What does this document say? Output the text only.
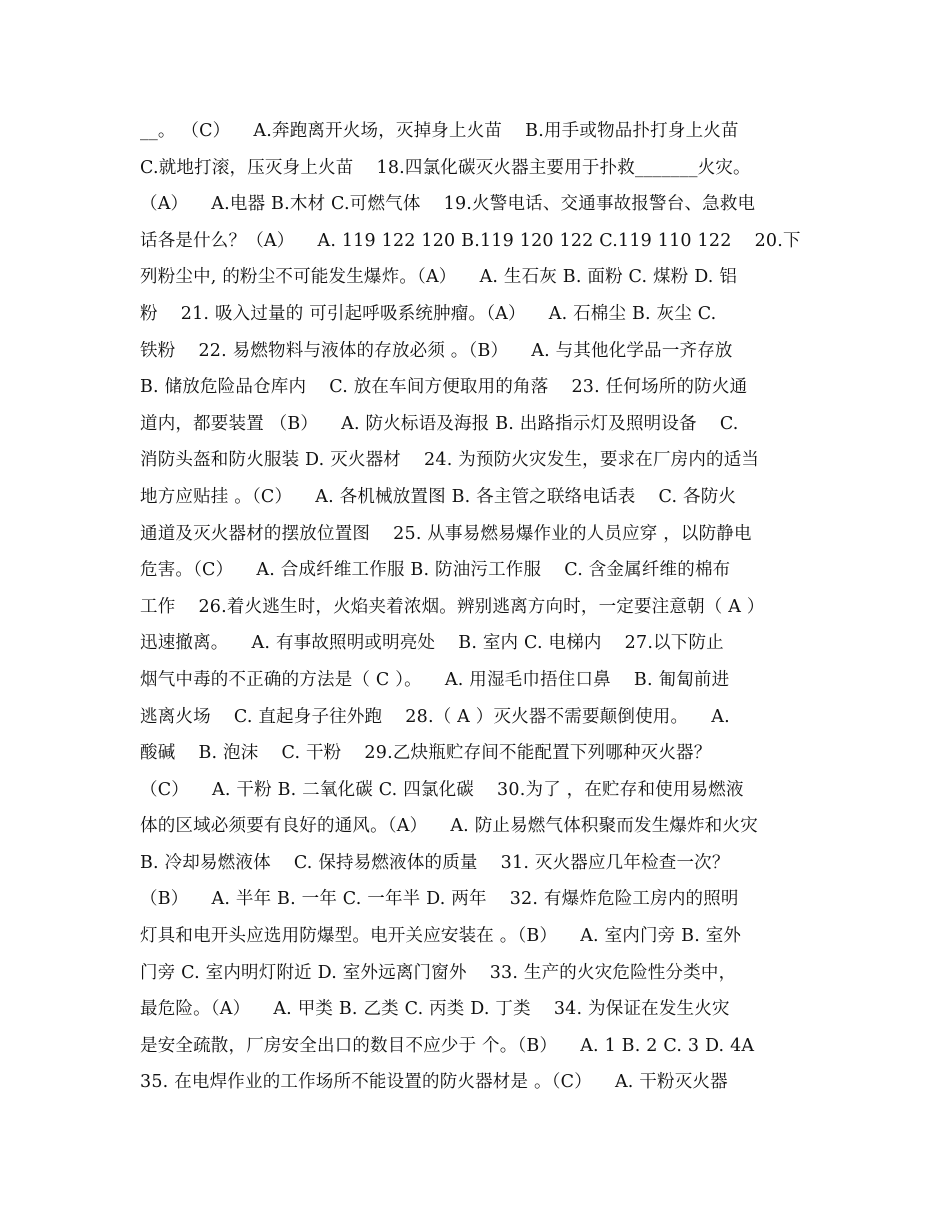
__。 （C）    A.奔跑离开火场，灭掉身上火苗    B.用手或物品扑打身上火苗
C.就地打滚，压灭身上火苗    18.四氯化碳灭火器主要用于扑救_______火灾。
（A）    A.电器 B.木材 C.可燃气体    19.火警电话、交通事故报警台、急救电
话各是什么？（A）    A. 119 122 120 B.119 120 122 C.119 110 122    20.下
列粉尘中, 的粉尘不可能发生爆炸。（A）    A. 生石灰 B. 面粉 C. 煤粉 D. 铝
粉    21. 吸入过量的 可引起呼吸系统肿瘤。（A）    A. 石棉尘 B. 灰尘 C.
铁粉    22. 易燃物料与液体的存放必须 。（B）    A. 与其他化学品一齐存放
B. 储放危险品仓库内    C. 放在车间方便取用的角落    23. 任何场所的防火通
道内，都要装置 （B）    A. 防火标语及海报 B. 出路指示灯及照明设备    C.
消防头盔和防火服装 D. 灭火器材    24. 为预防火灾发生，要求在厂房内的适当
地方应贴挂 。（C）    A. 各机械放置图 B. 各主管之联络电话表    C. 各防火
通道及灭火器材的摆放位置图    25. 从事易燃易爆作业的人员应穿 ，以防静电
危害。（C）    A. 合成纤维工作服 B. 防油污工作服    C. 含金属纤维的棉布
工作    26.着火逃生时，火焰夹着浓烟。辨别逃离方向时，一定要注意朝（ A ）
迅速撤离。    A. 有事故照明或明亮处    B. 室内 C. 电梯内    27.以下防止
烟气中毒的不正确的方法是（ C ）。    A. 用湿毛巾捂住口鼻    B. 匍匐前进
逃离火场    C. 直起身子往外跑    28.（ A ）灭火器不需要颠倒使用。    A.
酸碱    B. 泡沫    C. 干粉    29.乙炔瓶贮存间不能配置下列哪种灭火器？
（C）    A. 干粉 B. 二氧化碳 C. 四氯化碳    30.为了 ，在贮存和使用易燃液
体的区域必须要有良好的通风。（A）    A. 防止易燃气体积聚而发生爆炸和火灾
B. 冷却易燃液体    C. 保持易燃液体的质量    31. 灭火器应几年检查一次？
（B）    A. 半年 B. 一年 C. 一年半 D. 两年    32. 有爆炸危险工房内的照明
灯具和电开头应选用防爆型。电开关应安装在 。（B）    A. 室内门旁 B. 室外
门旁 C. 室内明灯附近 D. 室外远离门窗外    33. 生产的火灾危险性分类中，
最危险。（A）    A. 甲类 B. 乙类 C. 丙类 D. 丁类    34. 为保证在发生火灾
是安全疏散，厂房安全出口的数目不应少于 个。（B）    A. 1 B. 2 C. 3 D. 4A
35. 在电焊作业的工作场所不能设置的防火器材是 。（C）    A. 干粉灭火器
